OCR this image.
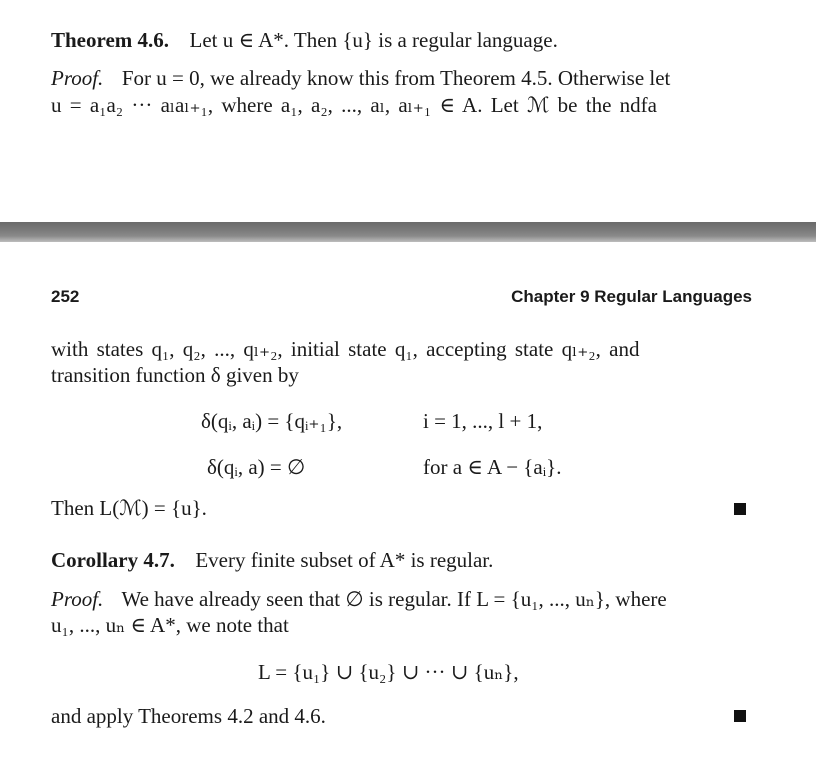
Theorem 4.6. Let u ∈ A*. Then {u} is a regular language.
Proof. For u = 0, we already know this from Theorem 4.5. Otherwise let
u = a₁a₂ ··· aₗaₗ₊₁, where a₁, a₂, ..., aₗ, aₗ₊₁ ∈ A. Let ℳ be the ndfa
252	Chapter 9 Regular Languages
with states q₁, q₂, ..., qₗ₊₂, initial state q₁, accepting state qₗ₊₂, and
transition function δ given by
δ(qᵢ, aᵢ) = {qᵢ₊₁},	i = 1, ..., l + 1,
δ(qᵢ, a) = ∅	for a ∈ A − {aᵢ}.
Then L(ℳ) = {u}.
Corollary 4.7. Every finite subset of A* is regular.
Proof. We have already seen that ∅ is regular. If L = {u₁, ..., uₙ}, where
u₁, ..., uₙ ∈ A*, we note that
L = {u₁} ∪ {u₂} ∪ ··· ∪ {uₙ},
and apply Theorems 4.2 and 4.6.
